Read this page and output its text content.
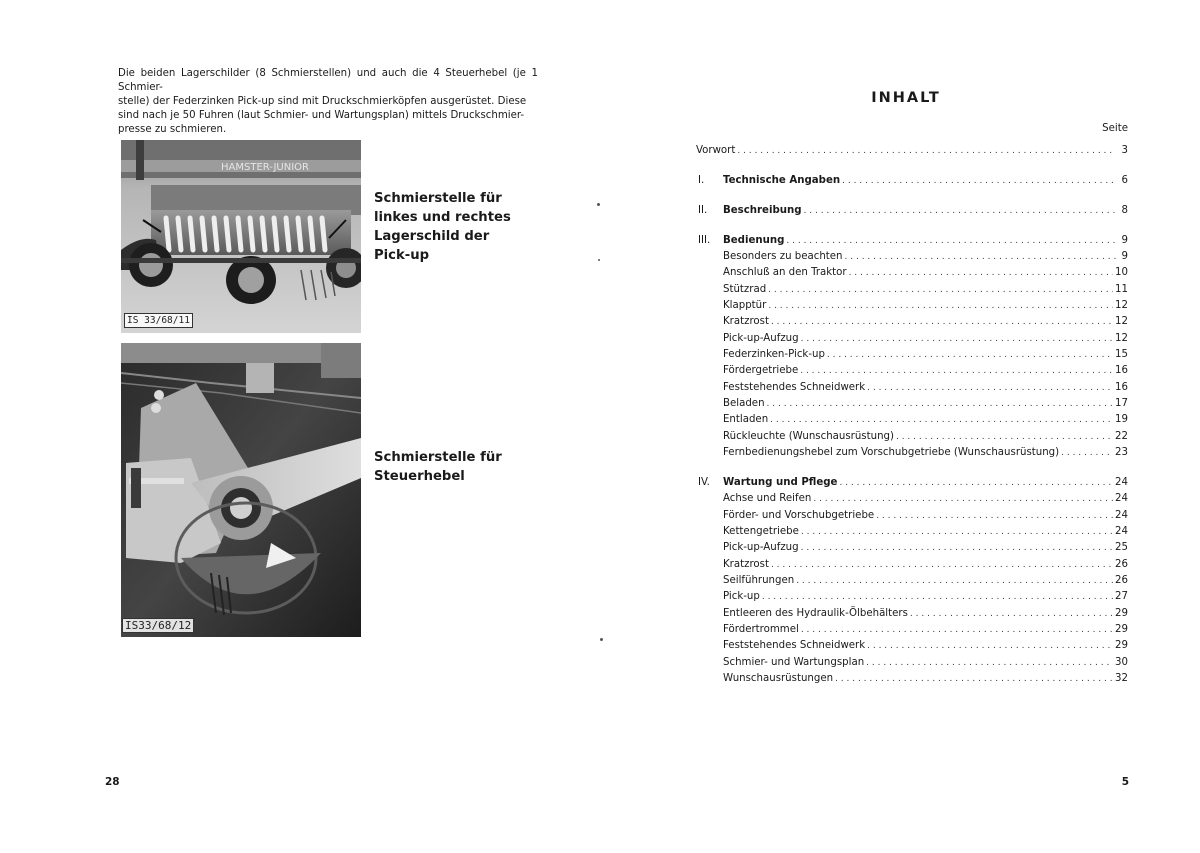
Die beiden Lagerschilder (8 Schmierstellen) und auch die 4 Steuerhebel (je 1 Schmier-
stelle) der Federzinken Pick-up sind mit Druckschmierköpfen ausgerüstet. Diese
sind nach je 50 Fuhren (laut Schmier- und Wartungsplan) mittels Druckschmier-
presse zu schmieren.
HAMSTER-JUNIOR
IS 33/68/11
Schmierstelle für
linkes und rechtes
Lagerschild der
Pick-up
IS33/68/12
Schmierstelle für
Steuerhebel
28
INHALT
Seite
Vorwort . . .	3
I.	Technische Angaben . . .	6
II.	Beschreibung . . .	8
III.	Bedienung . . .	9
Besonders zu beachten . . .	9
Anschluß an den Traktor . . .	10
Stützrad . . .	11
Klapptür . . .	12
Kratzrost . . .	12
Pick-up-Aufzug . . .	12
Federzinken-Pick-up . . .	15
Fördergetriebe . . .	16
Feststehendes Schneidwerk . . .	16
Beladen . . .	17
Entladen . . .	19
Rückleuchte (Wunschausrüstung) . . .	22
Fernbedienungshebel zum Vorschubgetriebe (Wunschausrüstung) . . .	23
IV.	Wartung und Pflege . . .	24
Achse und Reifen . . .	24
Förder- und Vorschubgetriebe . . .	24
Kettengetriebe . . .	24
Pick-up-Aufzug . . .	25
Kratzrost . . .	26
Seilführungen . . .	26
Pick-up . . .	27
Entleeren des Hydraulik-Ölbehälters . . .	29
Fördertrommel . . .	29
Feststehendes Schneidwerk . . .	29
Schmier- und Wartungsplan . . .	30
Wunschausrüstungen . . .	32
5
